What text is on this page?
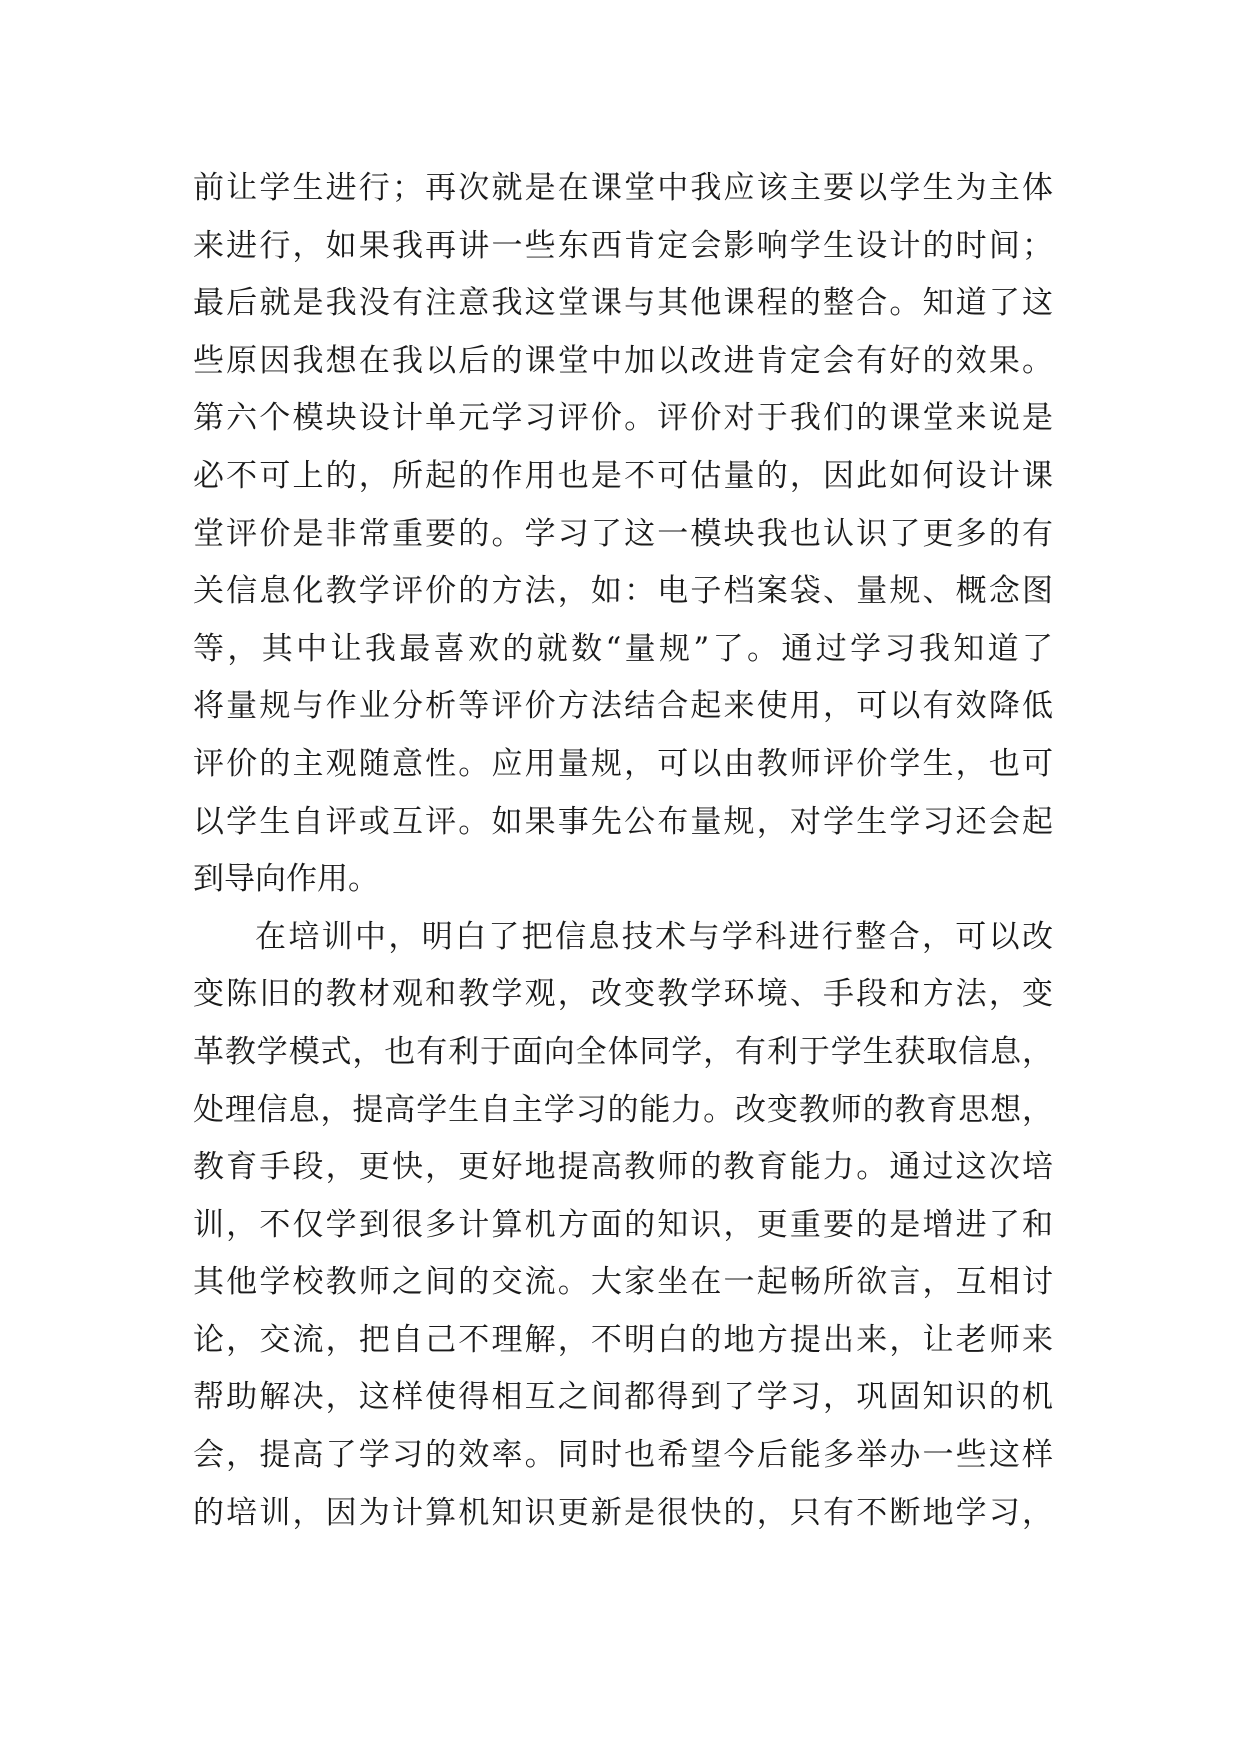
前让学生进行；再次就是在课堂中我应该主要以学生为主体
来进行，如果我再讲一些东西肯定会影响学生设计的时间；
最后就是我没有注意我这堂课与其他课程的整合。知道了这
些原因我想在我以后的课堂中加以改进肯定会有好的效果。
第六个模块设计单元学习评价。评价对于我们的课堂来说是
必不可上的，所起的作用也是不可估量的，因此如何设计课
堂评价是非常重要的。学习了这一模块我也认识了更多的有
关信息化教学评价的方法，如：电子档案袋、量规、概念图
等，其中让我最喜欢的就数“量规”了。通过学习我知道了
将量规与作业分析等评价方法结合起来使用，可以有效降低
评价的主观随意性。应用量规，可以由教师评价学生，也可
以学生自评或互评。如果事先公布量规，对学生学习还会起
到导向作用。
在培训中，明白了把信息技术与学科进行整合，可以改
变陈旧的教材观和教学观，改变教学环境、手段和方法，变
革教学模式，也有利于面向全体同学，有利于学生获取信息，
处理信息，提高学生自主学习的能力。改变教师的教育思想，
教育手段，更快，更好地提高教师的教育能力。通过这次培
训，不仅学到很多计算机方面的知识，更重要的是增进了和
其他学校教师之间的交流。大家坐在一起畅所欲言，互相讨
论，交流，把自己不理解，不明白的地方提出来，让老师来
帮助解决，这样使得相互之间都得到了学习，巩固知识的机
会，提高了学习的效率。同时也希望今后能多举办一些这样
的培训，因为计算机知识更新是很快的，只有不断地学习，
